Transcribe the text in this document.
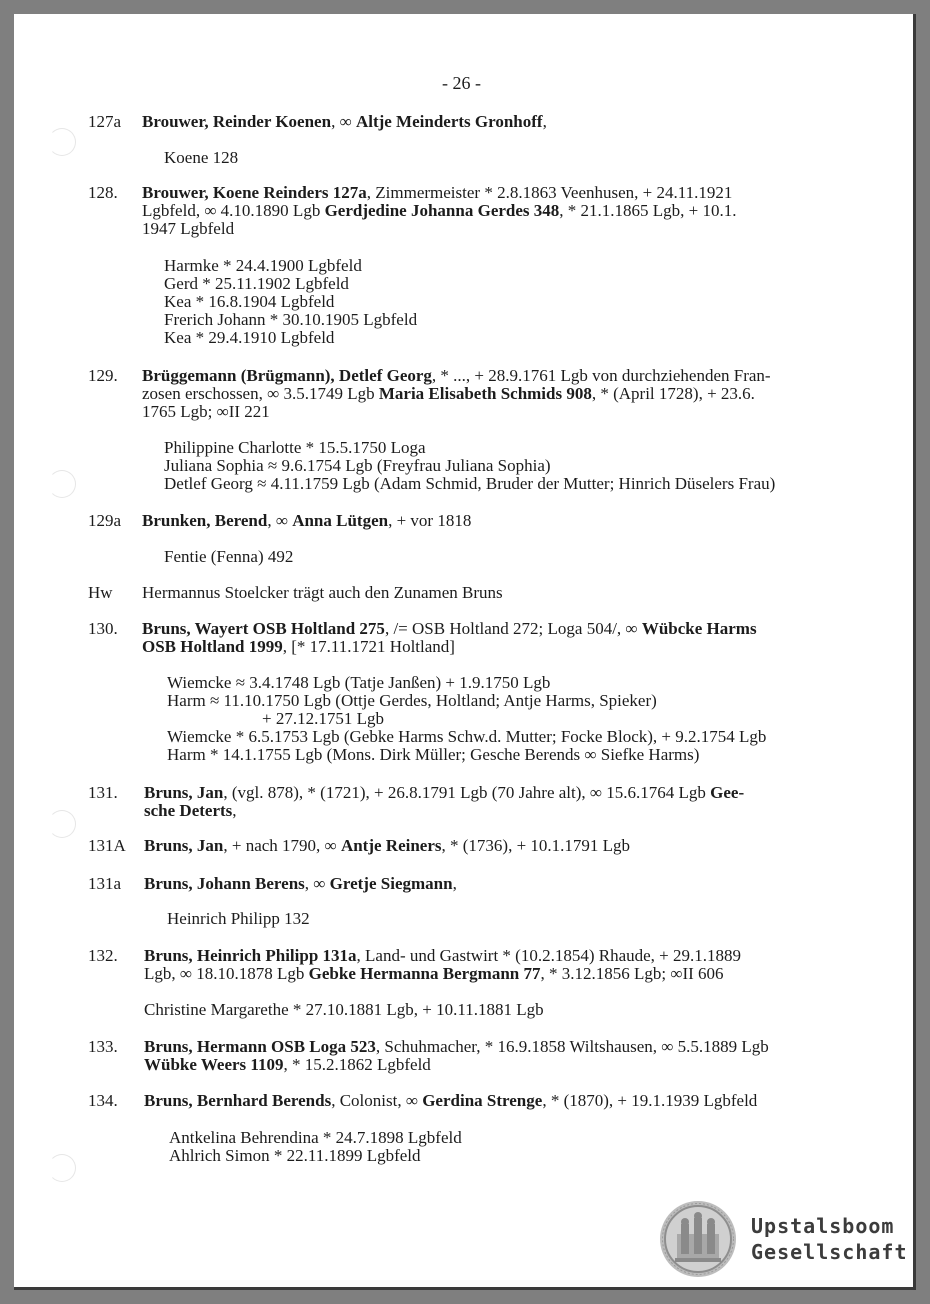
- 26 -
127a Brouwer, Reinder Koenen, ∞ Altje Meinderts Gronhoff,
Koene 128
128. Brouwer, Koene Reinders 127a, Zimmermeister * 2.8.1863 Veenhusen, + 24.11.1921
Lgbfeld, ∞ 4.10.1890 Lgb Gerdjedine Johanna Gerdes 348, * 21.1.1865 Lgb, + 10.1.
1947 Lgbfeld
Harmke * 24.4.1900 Lgbfeld
Gerd * 25.11.1902 Lgbfeld
Kea * 16.8.1904 Lgbfeld
Frerich Johann * 30.10.1905 Lgbfeld
Kea * 29.4.1910 Lgbfeld
129. Brüggemann (Brügmann), Detlef Georg, * ..., + 28.9.1761 Lgb von durchziehenden Fran-
zosen erschossen, ∞ 3.5.1749 Lgb Maria Elisabeth Schmids 908, * (April 1728), + 23.6.
1765 Lgb; ∞II 221
Philippine Charlotte * 15.5.1750 Loga
Juliana Sophia ≈ 9.6.1754 Lgb (Freyfrau Juliana Sophia)
Detlef Georg ≈ 4.11.1759 Lgb (Adam Schmid, Bruder der Mutter; Hinrich Düselers Frau)
129a Brunken, Berend, ∞ Anna Lütgen, + vor 1818
Fentie (Fenna) 492
Hw Hermannus Stoelcker trägt auch den Zunamen Bruns
130. Bruns, Wayert OSB Holtland 275, /= OSB Holtland 272; Loga 504/, ∞ Wübcke Harms
OSB Holtland 1999, [* 17.11.1721 Holtland]
Wiemcke ≈ 3.4.1748 Lgb (Tatje Janßen) + 1.9.1750 Lgb
Harm ≈ 11.10.1750 Lgb (Ottje Gerdes, Holtland; Antje Harms, Spieker)
+ 27.12.1751 Lgb
Wiemcke * 6.5.1753 Lgb (Gebke Harms Schw.d. Mutter; Focke Block), + 9.2.1754 Lgb
Harm * 14.1.1755 Lgb (Mons. Dirk Müller; Gesche Berends ∞ Siefke Harms)
131. Bruns, Jan, (vgl. 878), * (1721), + 26.8.1791 Lgb (70 Jahre alt), ∞ 15.6.1764 Lgb Gee-
sche Deterts,
131A Bruns, Jan, + nach 1790, ∞ Antje Reiners, * (1736), + 10.1.1791 Lgb
131a Bruns, Johann Berens, ∞ Gretje Siegmann,
Heinrich Philipp 132
132. Bruns, Heinrich Philipp 131a, Land- und Gastwirt * (10.2.1854) Rhaude, + 29.1.1889
Lgb, ∞ 18.10.1878 Lgb Gebke Hermanna Bergmann 77, * 3.12.1856 Lgb; ∞II 606
Christine Margarethe * 27.10.1881 Lgb, + 10.11.1881 Lgb
133. Bruns, Hermann OSB Loga 523, Schuhmacher, * 16.9.1858 Wiltshausen, ∞ 5.5.1889 Lgb
Wübke Weers 1109, * 15.2.1862 Lgbfeld
134. Bruns, Bernhard Berends, Colonist, ∞ Gerdina Strenge, * (1870), + 19.1.1939 Lgbfeld
Antkelina Behrendina * 24.7.1898 Lgbfeld
Ahlrich Simon * 22.11.1899 Lgbfeld
Upstalsboom
Gesellschaft
